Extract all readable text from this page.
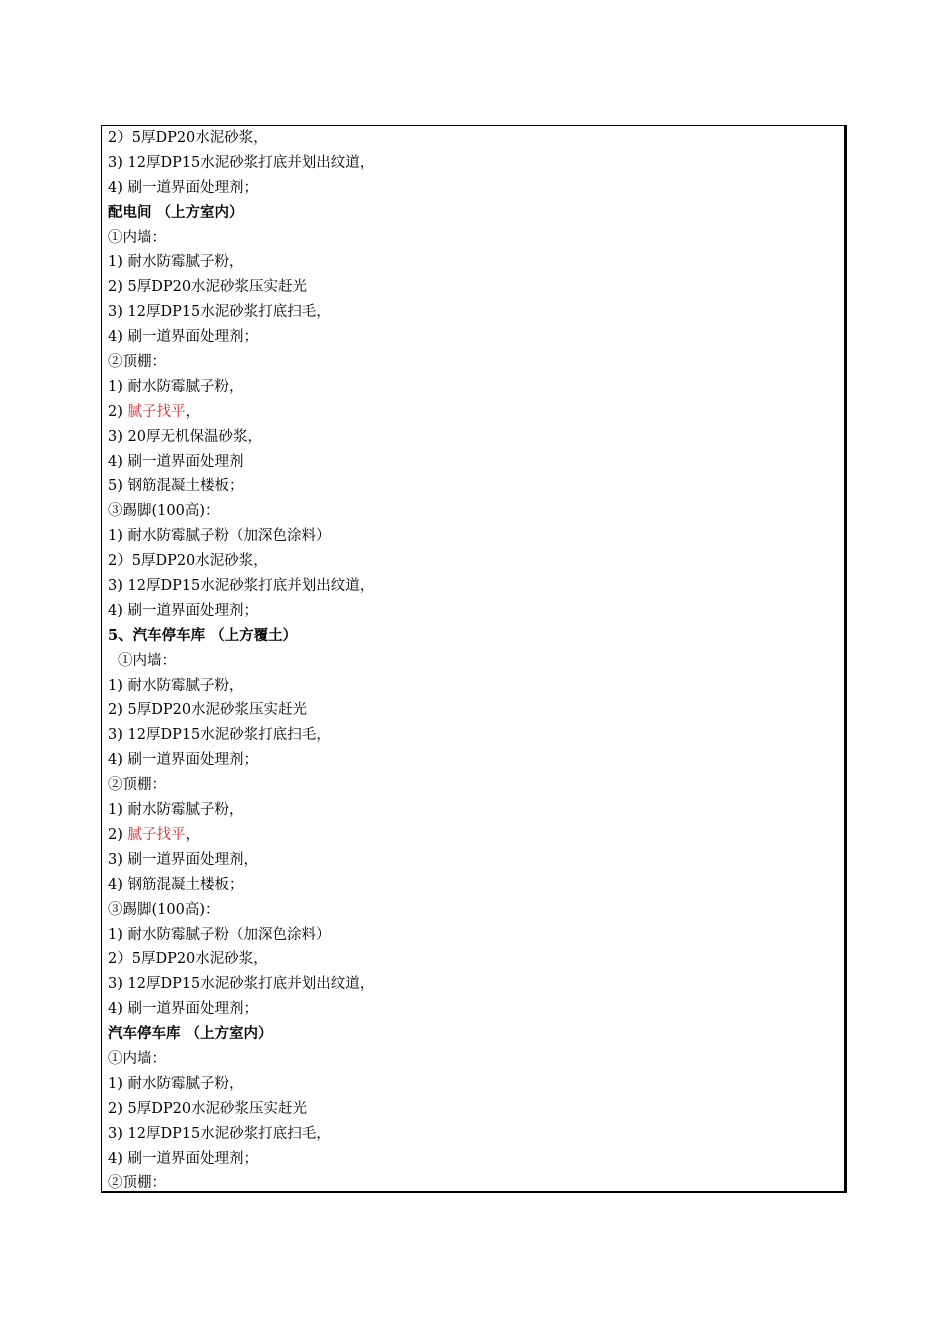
2）5厚DP20水泥砂浆，
3) 12厚DP15水泥砂浆打底并划出纹道，
4) 刷一道界面处理剂；
配电间 （上方室内）
①内墙：
1) 耐水防霉腻子粉，
2) 5厚DP20水泥砂浆压实赶光
3) 12厚DP15水泥砂浆打底扫毛，
4) 刷一道界面处理剂；
②顶棚：
1) 耐水防霉腻子粉，
2) 腻子找平，
3) 20厚无机保温砂浆，
4) 刷一道界面处理剂
5) 钢筋混凝土楼板；
③踢脚(100高)：
1) 耐水防霉腻子粉（加深色涂料）
2）5厚DP20水泥砂浆，
3) 12厚DP15水泥砂浆打底并划出纹道，
4) 刷一道界面处理剂；
5、汽车停车库 （上方覆土）
①内墙：
1) 耐水防霉腻子粉，
2) 5厚DP20水泥砂浆压实赶光
3) 12厚DP15水泥砂浆打底扫毛，
4) 刷一道界面处理剂；
②顶棚：
1) 耐水防霉腻子粉，
2) 腻子找平，
3) 刷一道界面处理剂，
4) 钢筋混凝土楼板；
③踢脚(100高)：
1) 耐水防霉腻子粉（加深色涂料）
2）5厚DP20水泥砂浆，
3) 12厚DP15水泥砂浆打底并划出纹道，
4) 刷一道界面处理剂；
汽车停车库 （上方室内）
①内墙：
1) 耐水防霉腻子粉，
2) 5厚DP20水泥砂浆压实赶光
3) 12厚DP15水泥砂浆打底扫毛，
4) 刷一道界面处理剂；
②顶棚：
